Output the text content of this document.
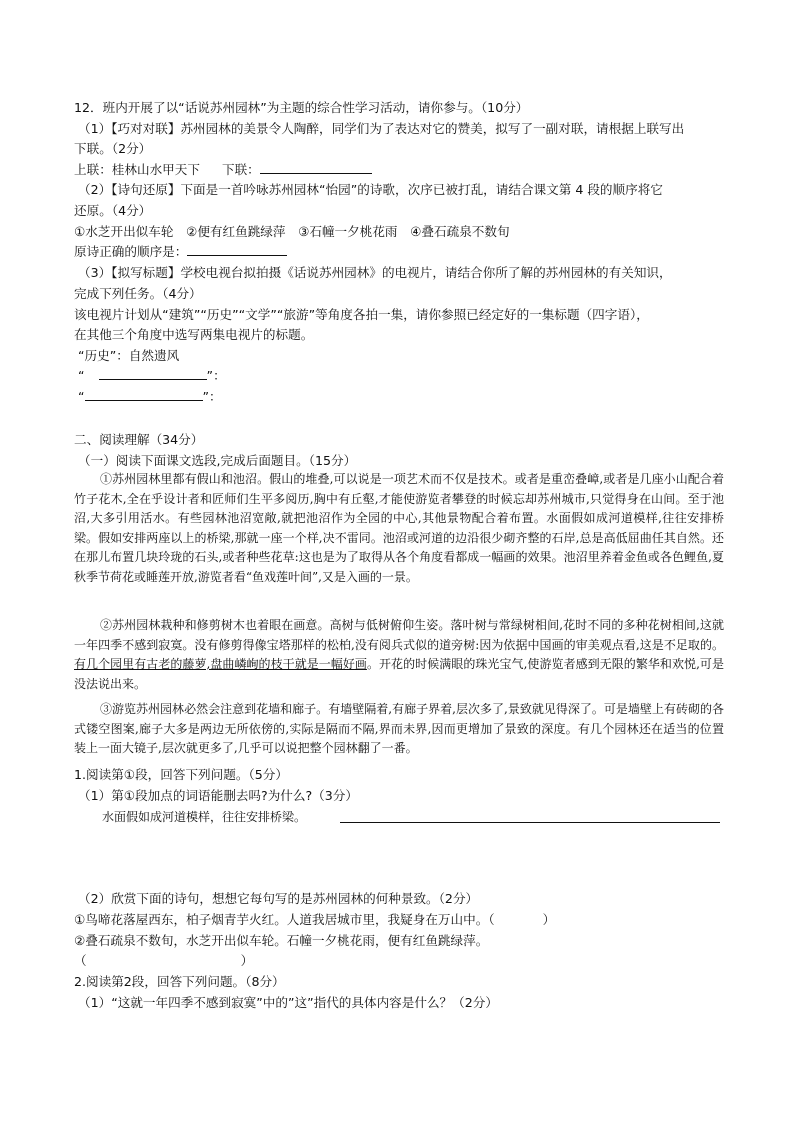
12．班内开展了以“话说苏州园林”为主题的综合性学习活动，请你参与。（10分）
（1）【巧对对联】苏州园林的美景令人陶醉，同学们为了表达对它的赞美，拟写了一副对联，请根据上联写出
下联。（2分）
上联：桂林山水甲天下 下联：
（2）【诗句还原】下面是一首吟咏苏州园林“怡园”的诗歌，次序已被打乱，请结合课文第 4 段的顺序将它
还原。（4分）
①水芝开出似车轮　②便有红鱼跳绿萍　③石幢一夕桃花雨　④叠石疏泉不数旬
原诗正确的顺序是：
（3）【拟写标题】学校电视台拟拍摄《话说苏州园林》的电视片，请结合你所了解的苏州园林的有关知识，
完成下列任务。（4分）
该电视片计划从“建筑”“历史”“文学”“旅游”等角度各拍一集，请你参照已经定好的一集标题（四字语），
在其他三个角度中选写两集电视片的标题。
“历史”：自然遗风
“	”：
“	”：
二、阅读理解（34分）
（一）阅读下面课文选段,完成后面题目。（15分）
①苏州园林里都有假山和池沼。假山的堆叠,可以说是一项艺术而不仅是技术。或者是重峦叠嶂,或者是几座小山配合着竹子花木,全在乎设计者和匠师们生平多阅历,胸中有丘壑,才能使游览者攀登的时候忘却苏州城市,只觉得身在山间。至于池沼,大多引用活水。有些园林池沼宽敞,就把池沼作为全园的中心,其他景物配合着布置。水面假如成河道模样,往往安排桥梁。假如安排两座以上的桥梁,那就一座一个样,决不雷同。池沼或河道的边沿很少砌齐整的石岸,总是高低屈曲任其自然。还在那儿布置几块玲珑的石头,或者种些花草:这也是为了取得从各个角度看都成一幅画的效果。池沼里养着金鱼或各色鲤鱼,夏秋季节荷花或睡莲开放,游览者看“鱼戏莲叶间”,又是入画的一景。
②苏州园林栽种和修剪树木也着眼在画意。高树与低树俯仰生姿。落叶树与常绿树相间,花时不同的多种花树相间,这就一年四季不感到寂寞。没有修剪得像宝塔那样的松柏,没有阅兵式似的道旁树:因为依据中国画的审美观点看,这是不足取的。有几个园里有古老的藤萝,盘曲嶙峋的枝干就是一幅好画。开花的时候满眼的珠光宝气,使游览者感到无限的繁华和欢悦,可是没法说出来。
③游览苏州园林必然会注意到花墙和廊子。有墙壁隔着,有廊子界着,层次多了,景致就见得深了。可是墙壁上有砖砌的各式镂空图案,廊子大多是两边无所依傍的,实际是隔而不隔,界而未界,因而更增加了景致的深度。有几个园林还在适当的位置装上一面大镜子,层次就更多了,几乎可以说把整个园林翻了一番。
1.阅读第①段，回答下列问题。（5分）
（1）第①段加点的词语能删去吗?为什么?（3分）
水面假如成河道模样，往往安排桥梁。
（2）欣赏下面的诗句，想想它每句写的是苏州园林的何种景致。（2分）
①鸟啼花落屋西东，柏子烟青芋火红。人道我居城市里，我疑身在万山中。（	）
②叠石疏泉不数旬，水芝开出似车轮。石幢一夕桃花雨，便有红鱼跳绿萍。
（	）
2.阅读第2段，回答下列问题。（8分）
（1）“这就一年四季不感到寂寞”中的”这”指代的具体内容是什么？（2分）
